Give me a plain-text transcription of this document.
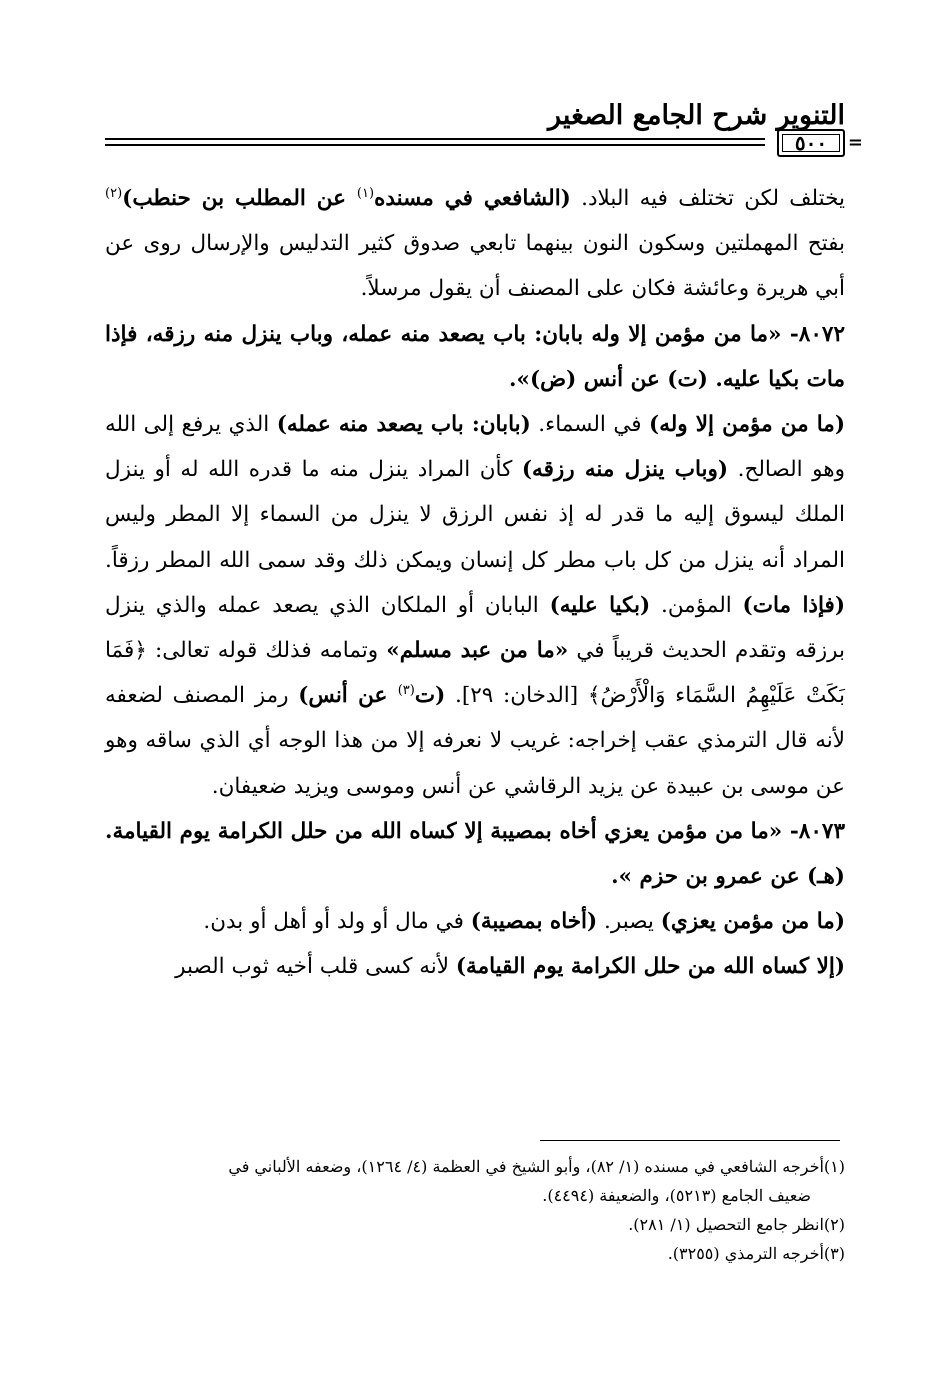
التنوير شرح الجامع الصغير
٥٠٠	=

يختلف لكن تختلف فيه البلاد. (الشافعي في مسنده$^{(١)}$ عن المطلب بن حنطب)$^{(٢)}$ بفتح المهملتين وسكون النون بينهما تابعي صدوق كثير التدليس والإرسال روى عن أبي هريرة وعائشة فكان على المصنف أن يقول مرسلاً.

٨٠٧٢- «ما من مؤمن إلا وله بابان: باب يصعد منه عمله، وباب ينزل منه رزقه، فإذا مات بكيا عليه. (ت) عن أنس (ض)».

(ما من مؤمن إلا وله) في السماء. (بابان: باب يصعد منه عمله) الذي يرفع إلى الله وهو الصالح. (وباب ينزل منه رزقه) كأن المراد ينزل منه ما قدره الله له أو ينزل الملك ليسوق إليه ما قدر له إذ نفس الرزق لا ينزل من السماء إلا المطر وليس المراد أنه ينزل من كل باب مطر كل إنسان ويمكن ذلك وقد سمى الله المطر رزقاً. (فإذا مات) المؤمن. (بكيا عليه) البابان أو الملكان الذي يصعد عمله والذي ينزل برزقه وتقدم الحديث قريباً في «ما من عبد مسلم» وتمامه فذلك قوله تعالى: ﴿فَمَا بَكَتْ عَلَيْهِمُ السَّمَاء وَالْأَرْضُ﴾ [الدخان: ٢٩]. (ت$^{(٣)}$ عن أنس) رمز المصنف لضعفه لأنه قال الترمذي عقب إخراجه: غريب لا نعرفه إلا من هذا الوجه أي الذي ساقه وهو عن موسى بن عبيدة عن يزيد الرقاشي عن أنس وموسى ويزيد ضعيفان.

٨٠٧٣- «ما من مؤمن يعزي أخاه بمصيبة إلا كساه الله من حلل الكرامة يوم القيامة. (هـ) عن عمرو بن حزم ».

(ما من مؤمن يعزي) يصبر. (أخاه بمصيبة) في مال أو ولد أو أهل أو بدن.

(إلا كساه الله من حلل الكرامة يوم القيامة) لأنه كسى قلب أخيه ثوب الصبر

(١)أخرجه الشافعي في مسنده (١/ ٨٢)، وأبو الشيخ في العظمة (٤/ ١٢٦٤)، وضعفه الألباني في

ضعيف الجامع (٥٢١٣)، والضعيفة (٤٤٩٤).

(٢)انظر جامع التحصيل (١/ ٢٨١).

(٣)أخرجه الترمذي (٣٢٥٥).
